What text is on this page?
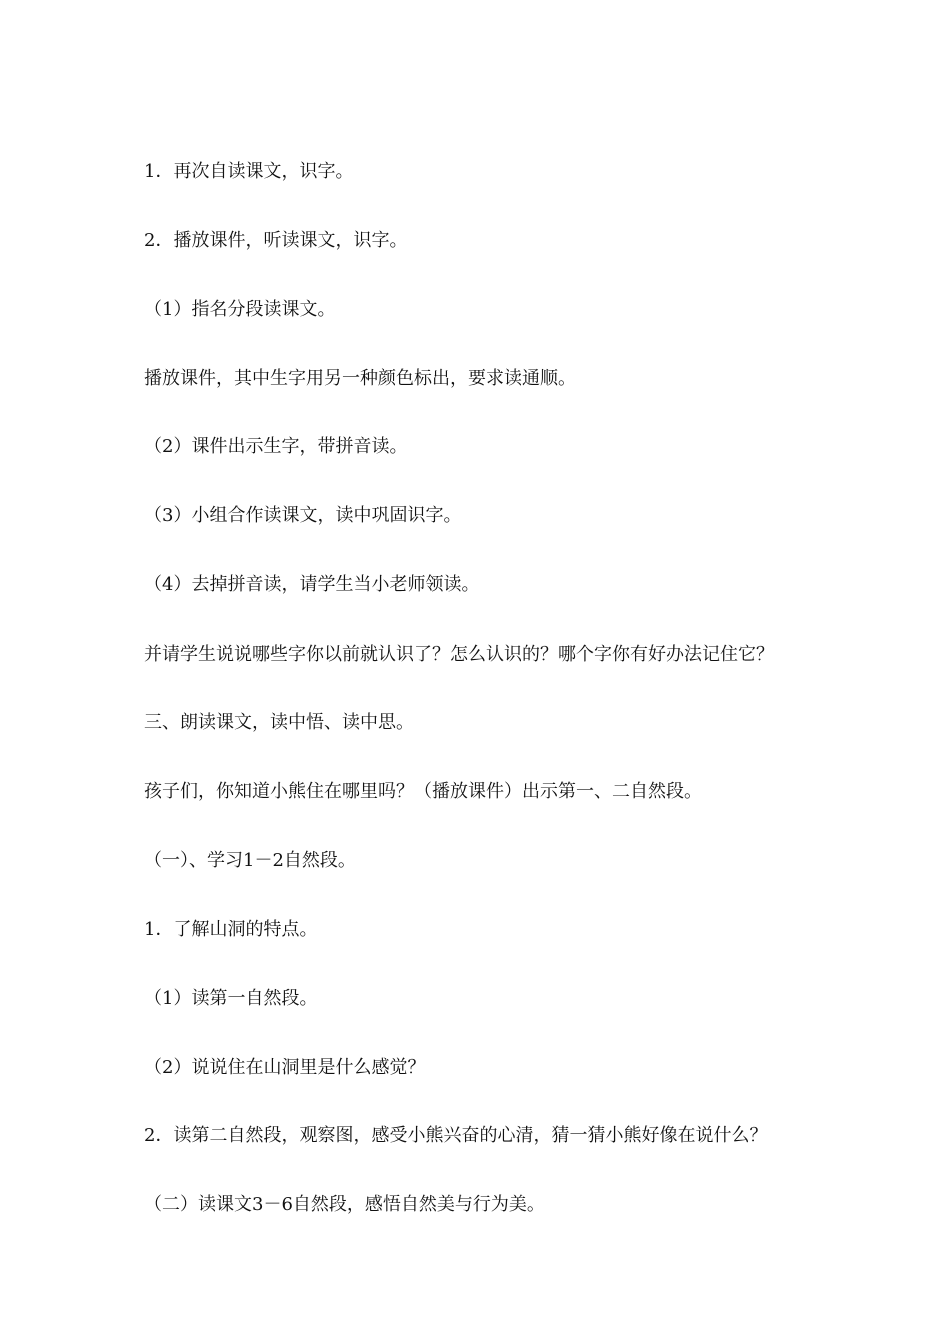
1．再次自读课文，识字。
2．播放课件，听读课文，识字。
（1）指名分段读课文。
播放课件，其中生字用另一种颜色标出，要求读通顺。
（2）课件出示生字，带拼音读。
（3）小组合作读课文，读中巩固识字。
（4）去掉拼音读，请学生当小老师领读。
并请学生说说哪些字你以前就认识了？怎么认识的？哪个字你有好办法记住它？
三、朗读课文，读中悟、读中思。
孩子们，你知道小熊住在哪里吗？（播放课件）出示第一、二自然段。
（一）、学习1－2自然段。
1．了解山洞的特点。
（1）读第一自然段。
（2）说说住在山洞里是什么感觉？
2．读第二自然段，观察图，感受小熊兴奋的心清，猜一猜小熊好像在说什么？
（二）读课文3－6自然段，感悟自然美与行为美。
